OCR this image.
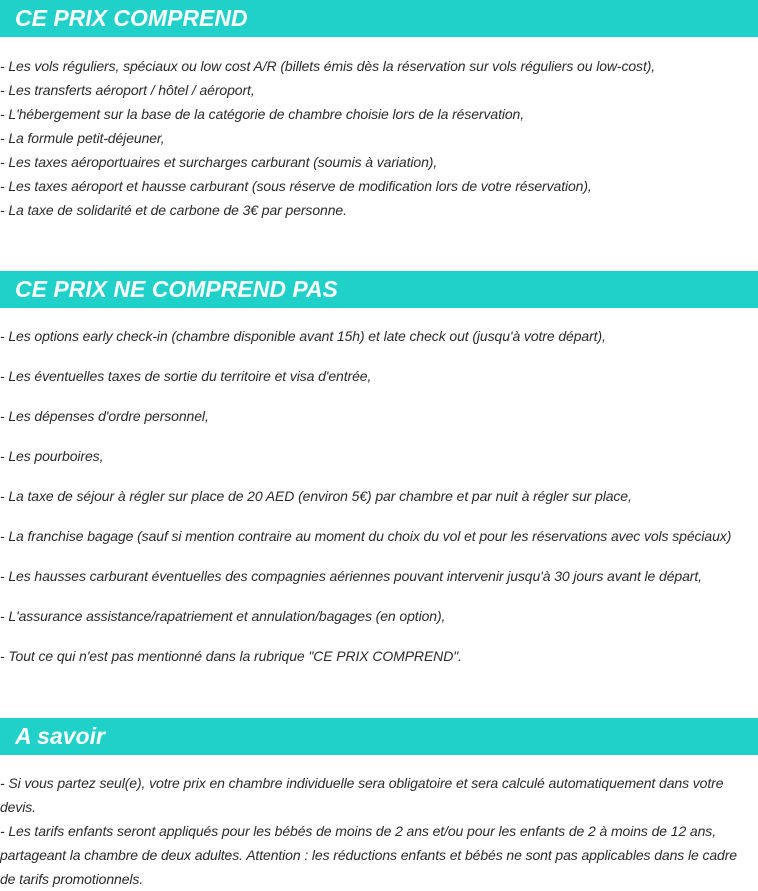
CE PRIX COMPREND
- Les vols réguliers, spéciaux ou low cost A/R (billets émis dès la réservation sur vols réguliers ou low-cost),
- Les transferts aéroport / hôtel / aéroport,
- L'hébergement sur la base de la catégorie de chambre choisie lors de la réservation,
- La formule petit-déjeuner,
- Les taxes aéroportuaires et surcharges carburant (soumis à variation),
- Les taxes aéroport et hausse carburant (sous réserve de modification lors de votre réservation),
- La taxe de solidarité et de carbone de 3€ par personne.
CE PRIX NE COMPREND PAS
- Les options early check-in (chambre disponible avant 15h) et late check out (jusqu'à votre départ),
- Les éventuelles taxes de sortie du territoire et visa d'entrée,
- Les dépenses d'ordre personnel,
- Les pourboires,
- La taxe de séjour à régler sur place de 20 AED (environ 5€) par chambre et par nuit à régler sur place,
- La franchise bagage (sauf si mention contraire au moment du choix du vol et pour les réservations avec vols spéciaux)
- Les hausses carburant éventuelles des compagnies aériennes pouvant intervenir jusqu'à 30 jours avant le départ,
- L'assurance assistance/rapatriement et annulation/bagages (en option),
- Tout ce qui n'est pas mentionné dans la rubrique "CE PRIX COMPREND".
A savoir
- Si vous partez seul(e), votre prix en chambre individuelle sera obligatoire et sera calculé automatiquement dans votre devis.
- Les tarifs enfants seront appliqués pour les bébés de moins de 2 ans et/ou pour les enfants de 2 à moins de 12 ans, partageant la chambre de deux adultes. Attention : les réductions enfants et bébés ne sont pas applicables dans le cadre de tarifs promotionnels.
